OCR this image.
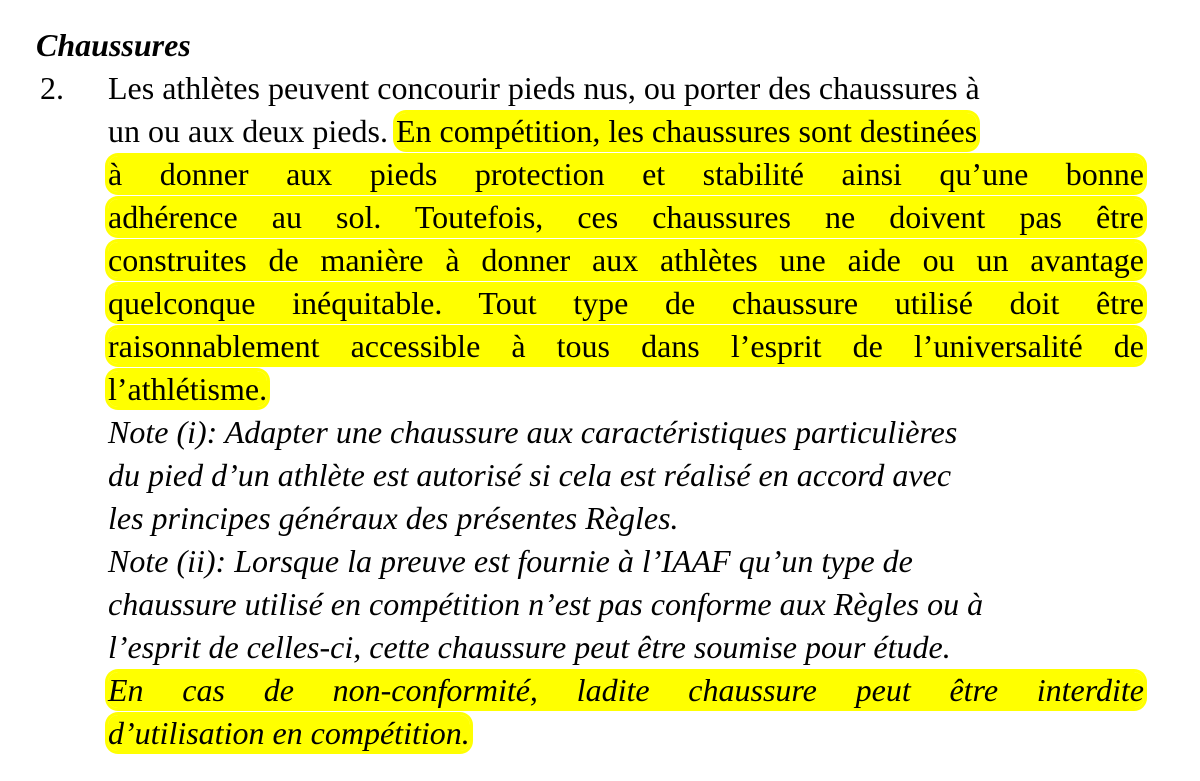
Chaussures
2. Les athlètes peuvent concourir pieds nus, ou porter des chaussures à
un ou aux deux pieds. En compétition, les chaussures sont destinées
à donner aux pieds protection et stabilité ainsi qu’une bonne
adhérence au sol. Toutefois, ces chaussures ne doivent pas être
construites de manière à donner aux athlètes une aide ou un avantage
quelconque inéquitable. Tout type de chaussure utilisé doit être
raisonnablement accessible à tous dans l’esprit de l’universalité de
l’athlétisme.
Note (i): Adapter une chaussure aux caractéristiques particulières
du pied d’un athlète est autorisé si cela est réalisé en accord avec
les principes généraux des présentes Règles.
Note (ii): Lorsque la preuve est fournie à l’IAAF qu’un type de
chaussure utilisé en compétition n’est pas conforme aux Règles ou à
l’esprit de celles-ci, cette chaussure peut être soumise pour étude.
En cas de non-conformité, ladite chaussure peut être interdite
d’utilisation en compétition.
